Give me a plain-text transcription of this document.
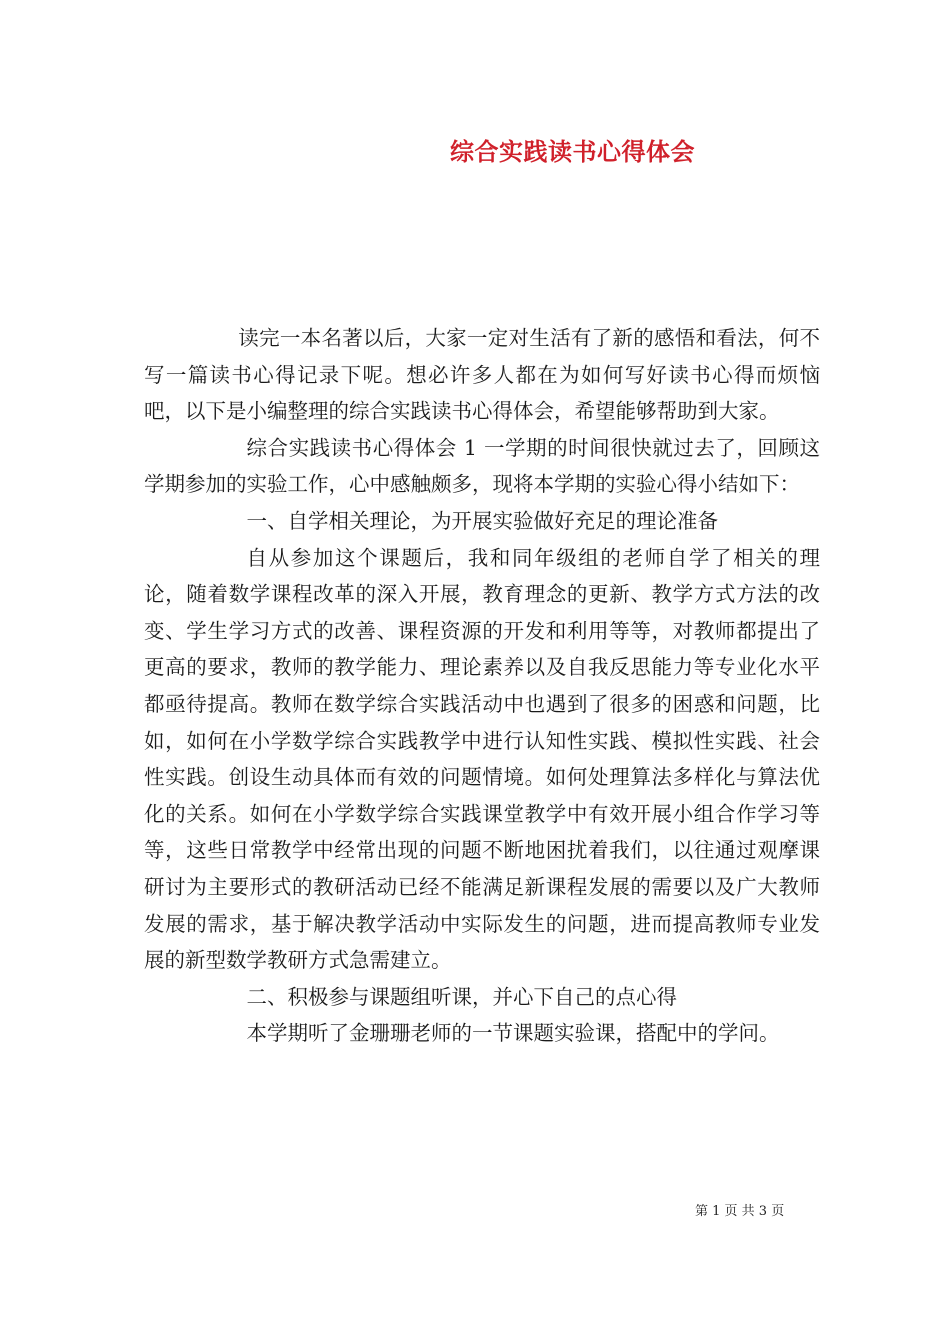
综合实践读书心得体会

读完一本名著以后，大家一定对生活有了新的感悟和看法，何不写一篇读书心得记录下呢。想必许多人都在为如何写好读书心得而烦恼吧，以下是小编整理的综合实践读书心得体会，希望能够帮助到大家。

综合实践读书心得体会 1 一学期的时间很快就过去了，回顾这学期参加的实验工作，心中感触颇多，现将本学期的实验心得小结如下：

一、自学相关理论，为开展实验做好充足的理论准备

自从参加这个课题后，我和同年级组的老师自学了相关的理论，随着数学课程改革的深入开展，教育理念的更新、教学方式方法的改变、学生学习方式的改善、课程资源的开发和利用等等，对教师都提出了更高的要求，教师的教学能力、理论素养以及自我反思能力等专业化水平都亟待提高。教师在数学综合实践活动中也遇到了很多的困惑和问题，比如，如何在小学数学综合实践教学中进行认知性实践、模拟性实践、社会性实践。创设生动具体而有效的问题情境。如何处理算法多样化与算法优化的关系。如何在小学数学综合实践课堂教学中有效开展小组合作学习等等，这些日常教学中经常出现的问题不断地困扰着我们，以往通过观摩课研讨为主要形式的教研活动已经不能满足新课程发展的需要以及广大教师发展的需求，基于解决教学活动中实际发生的问题，进而提高教师专业发展的新型数学教研方式急需建立。

二、积极参与课题组听课，并心下自己的点心得

本学期听了金珊珊老师的一节课题实验课，搭配中的学问。

第 1 页 共 3 页
